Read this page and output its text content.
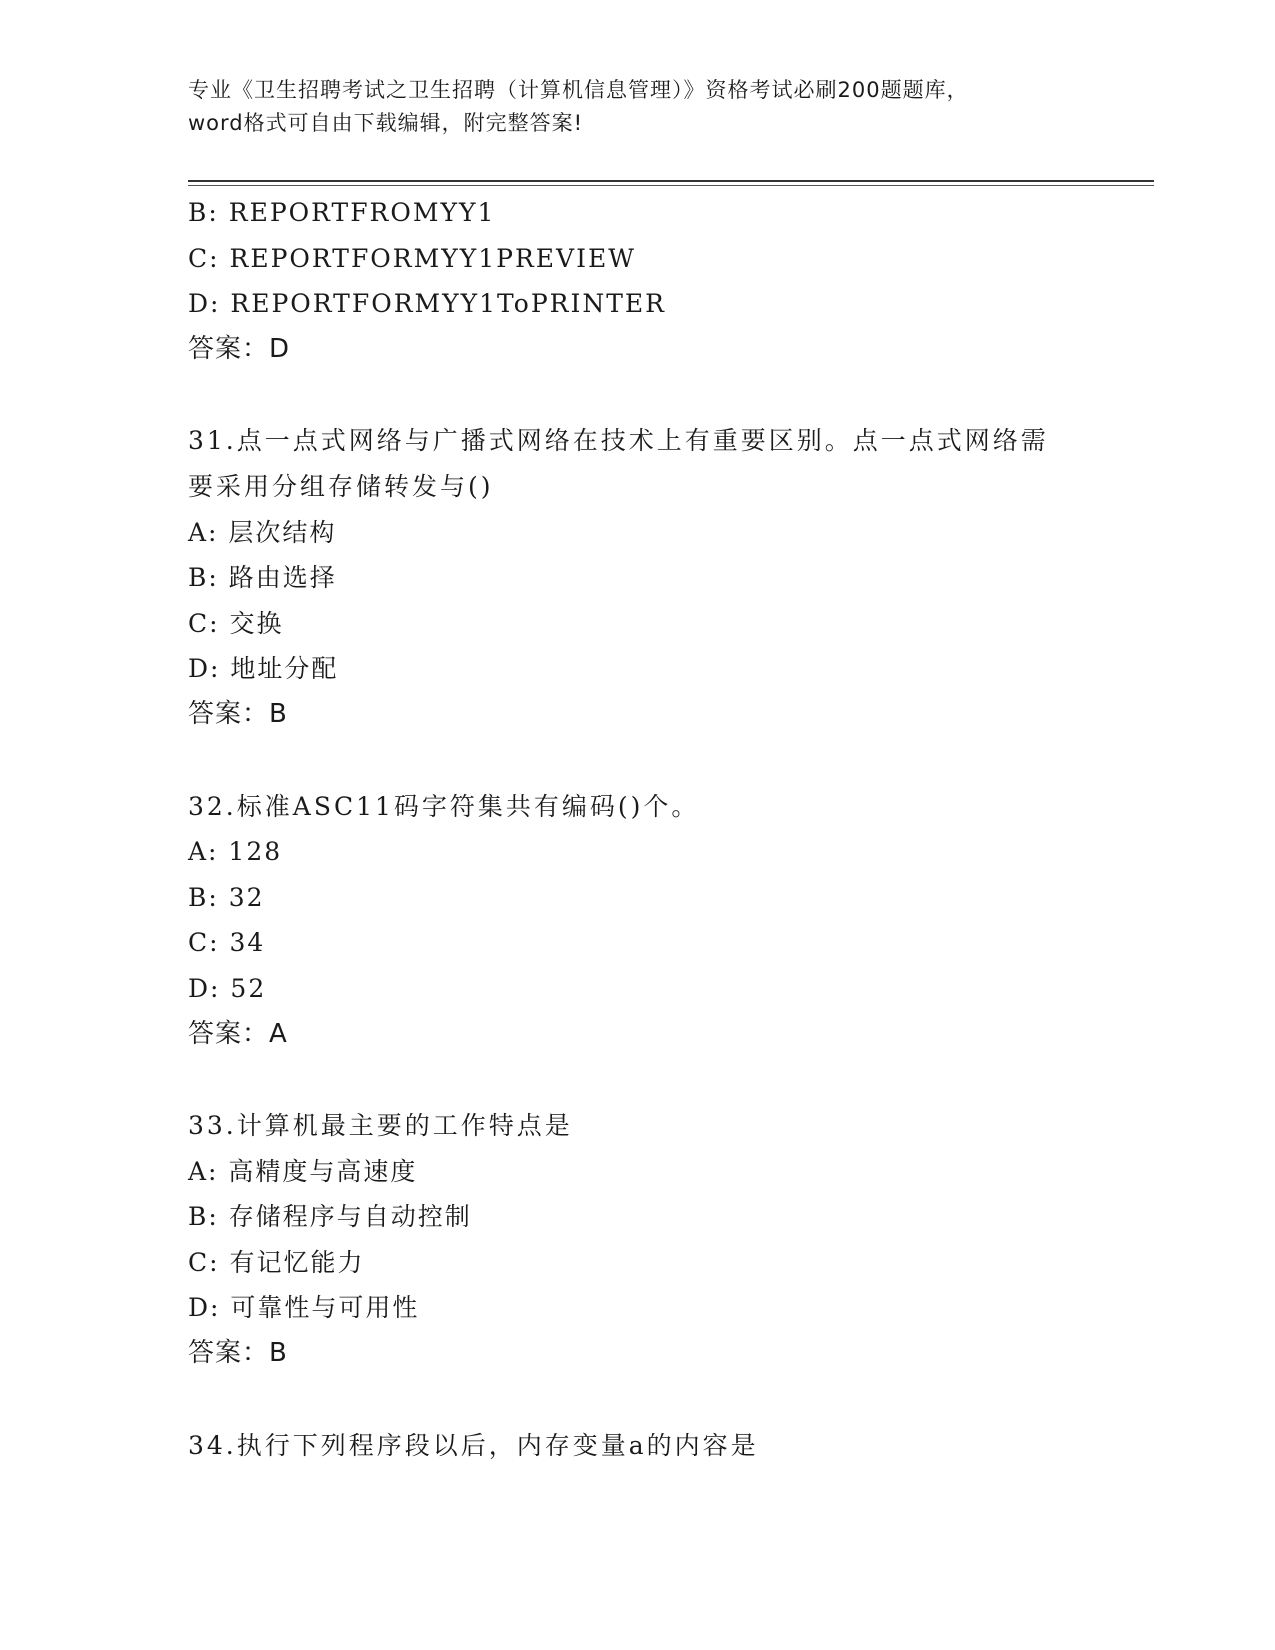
专业《卫生招聘考试之卫生招聘（计算机信息管理）》资格考试必刷200题题库，
word格式可自由下载编辑，附完整答案!
B: REPORTFROMYY1
C: REPORTFORMYY1PREVIEW
D: REPORTFORMYY1ToPRINTER
答案：D
31.点一点式网络与广播式网络在技术上有重要区别。点一点式网络需
要采用分组存储转发与()
A: 层次结构
B: 路由选择
C: 交换
D: 地址分配
答案：B
32.标准ASC11码字符集共有编码()个。
A: 128
B: 32
C: 34
D: 52
答案：A
33.计算机最主要的工作特点是
A: 高精度与高速度
B: 存储程序与自动控制
C: 有记忆能力
D: 可靠性与可用性
答案：B
34.执行下列程序段以后，内存变量a的内容是
